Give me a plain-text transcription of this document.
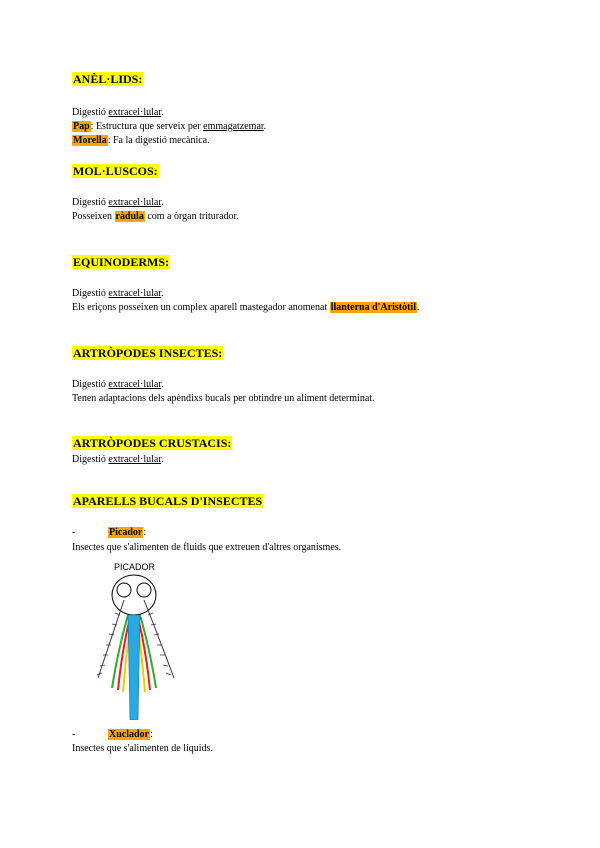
ANÈL·LIDS:
Digestió extracel·lular.
Pap: Estructura que serveix per emmagatzemar.
Morella: Fa la digestió mecànica.
MOL·LUSCOS:
Digestió extracel·lular.
Posseixen ràdula com a òrgan triturador.
EQUINODERMS:
Digestió extracel·lular.
Els eriçons posseixen un complex aparell mastegador anomenat llanterna d'Aristòtil.
ARTRÒPODES INSECTES:
Digestió extracel·lular.
Tenen adaptacions dels apèndixs bucals per obtindre un aliment determinat.
ARTRÒPODES CRUSTACIS:
Digestió extracel·lular.
APARELLS BUCALS D'INSECTES
-	Picador:
Insectes que s'alimenten de fluids que extreuen d'altres organismes.
PICADOR
-	Xuclador:
Insectes que s'alimenten de líquids.
